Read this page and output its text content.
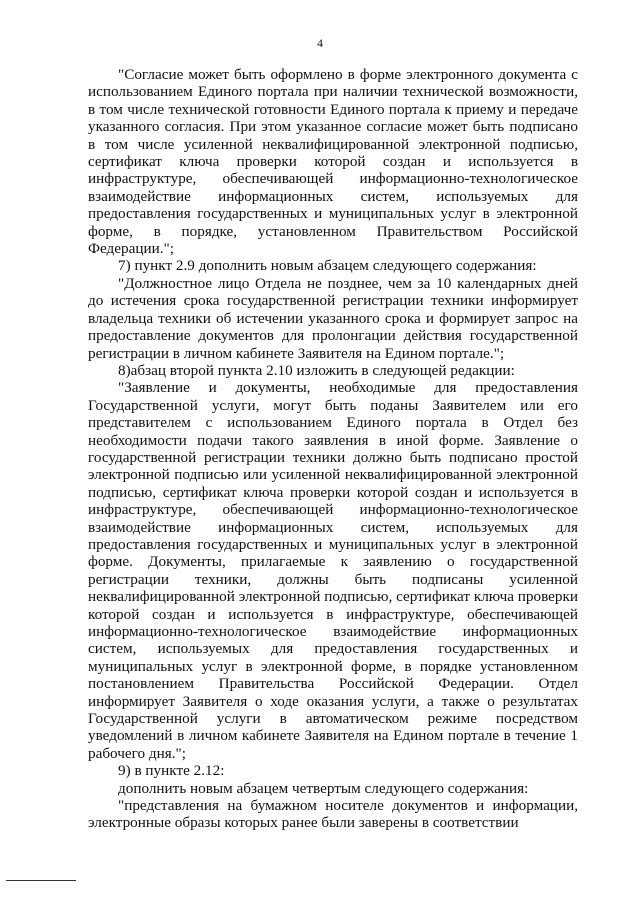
4

"Согласие может быть оформлено в форме электронного документа с использованием Единого портала при наличии технической возможности, в том числе технической готовности Единого портала к приему и передаче указанного согласия. При этом указанное согласие может быть подписано в том числе усиленной неквалифицированной электронной подписью, сертификат ключа проверки которой создан и используется в инфраструктуре, обеспечивающей информационно-технологическое взаимодействие информационных систем, используемых для предоставления государственных и муниципальных услуг в электронной форме, в порядке, установленном Правительством Российской Федерации.";

7) пункт 2.9 дополнить новым абзацем следующего содержания:

"Должностное лицо Отдела не позднее, чем за 10 календарных дней до истечения срока государственной регистрации техники информирует владельца техники об истечении указанного срока и формирует запрос на предоставление документов для пролонгации действия государственной регистрации в личном кабинете Заявителя на Едином портале.";

8)абзац второй пункта 2.10 изложить в следующей редакции:

"Заявление и документы, необходимые для предоставления Государственной услуги, могут быть поданы Заявителем или его представителем с использованием Единого портала в Отдел без необходимости подачи такого заявления в иной форме. Заявление о государственной регистрации техники должно быть подписано простой электронной подписью или усиленной неквалифицированной электронной подписью, сертификат ключа проверки которой создан и используется в инфраструктуре, обеспечивающей информационно-технологическое взаимодействие информационных систем, используемых для предоставления государственных и муниципальных услуг в электронной форме. Документы, прилагаемые к заявлению о государственной регистрации техники, должны быть подписаны усиленной неквалифицированной электронной подписью, сертификат ключа проверки которой создан и используется в инфраструктуре, обеспечивающей информационно-технологическое взаимодействие информационных систем, используемых для предоставления государственных и муниципальных услуг в электронной форме, в порядке установленном постановлением Правительства Российской Федерации. Отдел информирует Заявителя о ходе оказания услуги, а также о результатах Государственной услуги в автоматическом режиме посредством уведомлений в личном кабинете Заявителя на Едином портале в течение 1 рабочего дня.";

9) в пункте 2.12:

дополнить новым абзацем четвертым следующего содержания:

"представления на бумажном носителе документов и информации, электронные образы которых ранее были заверены в соответствии
